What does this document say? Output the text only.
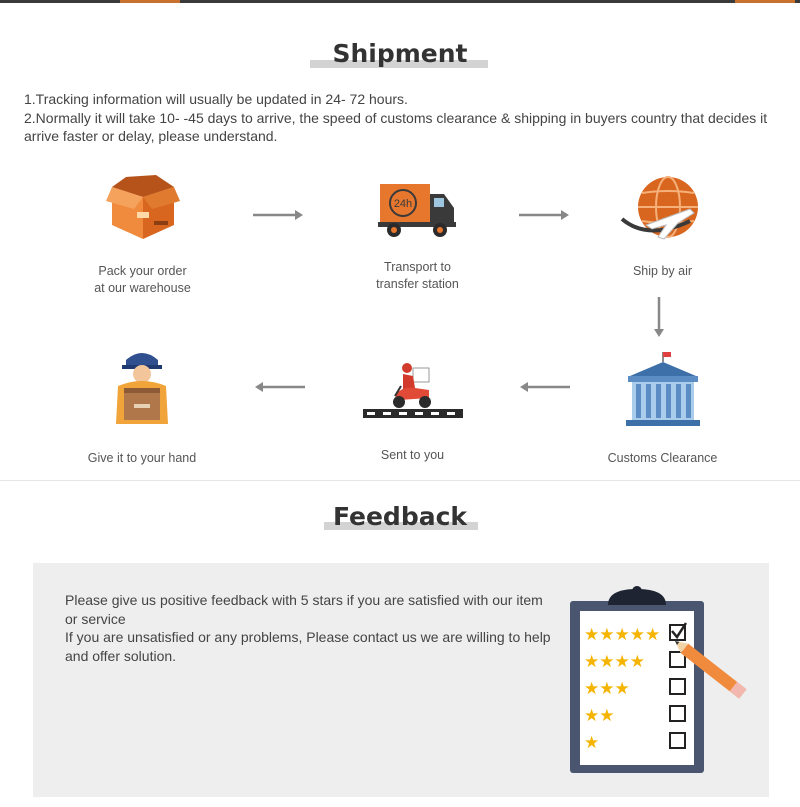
Shipment
1.Tracking information will usually be updated in 24- 72 hours.
2.Normally it will take 10- -45 days to arrive, the speed of customs clearance & shipping in buyers country that decides it arrive faster or delay, please understand.
Pack your order
at our warehouse
24h
Transport to
transfer station
Ship by air
Customs Clearance
Sent to you
Give it to your hand
Feedback
Please give us positive feedback with 5 stars if you are satisfied with our item or service
If you are unsatisfied or any problems, Please contact us we are willing to help and offer solution.
★★★★★
★★★★
★★★
★★
★
